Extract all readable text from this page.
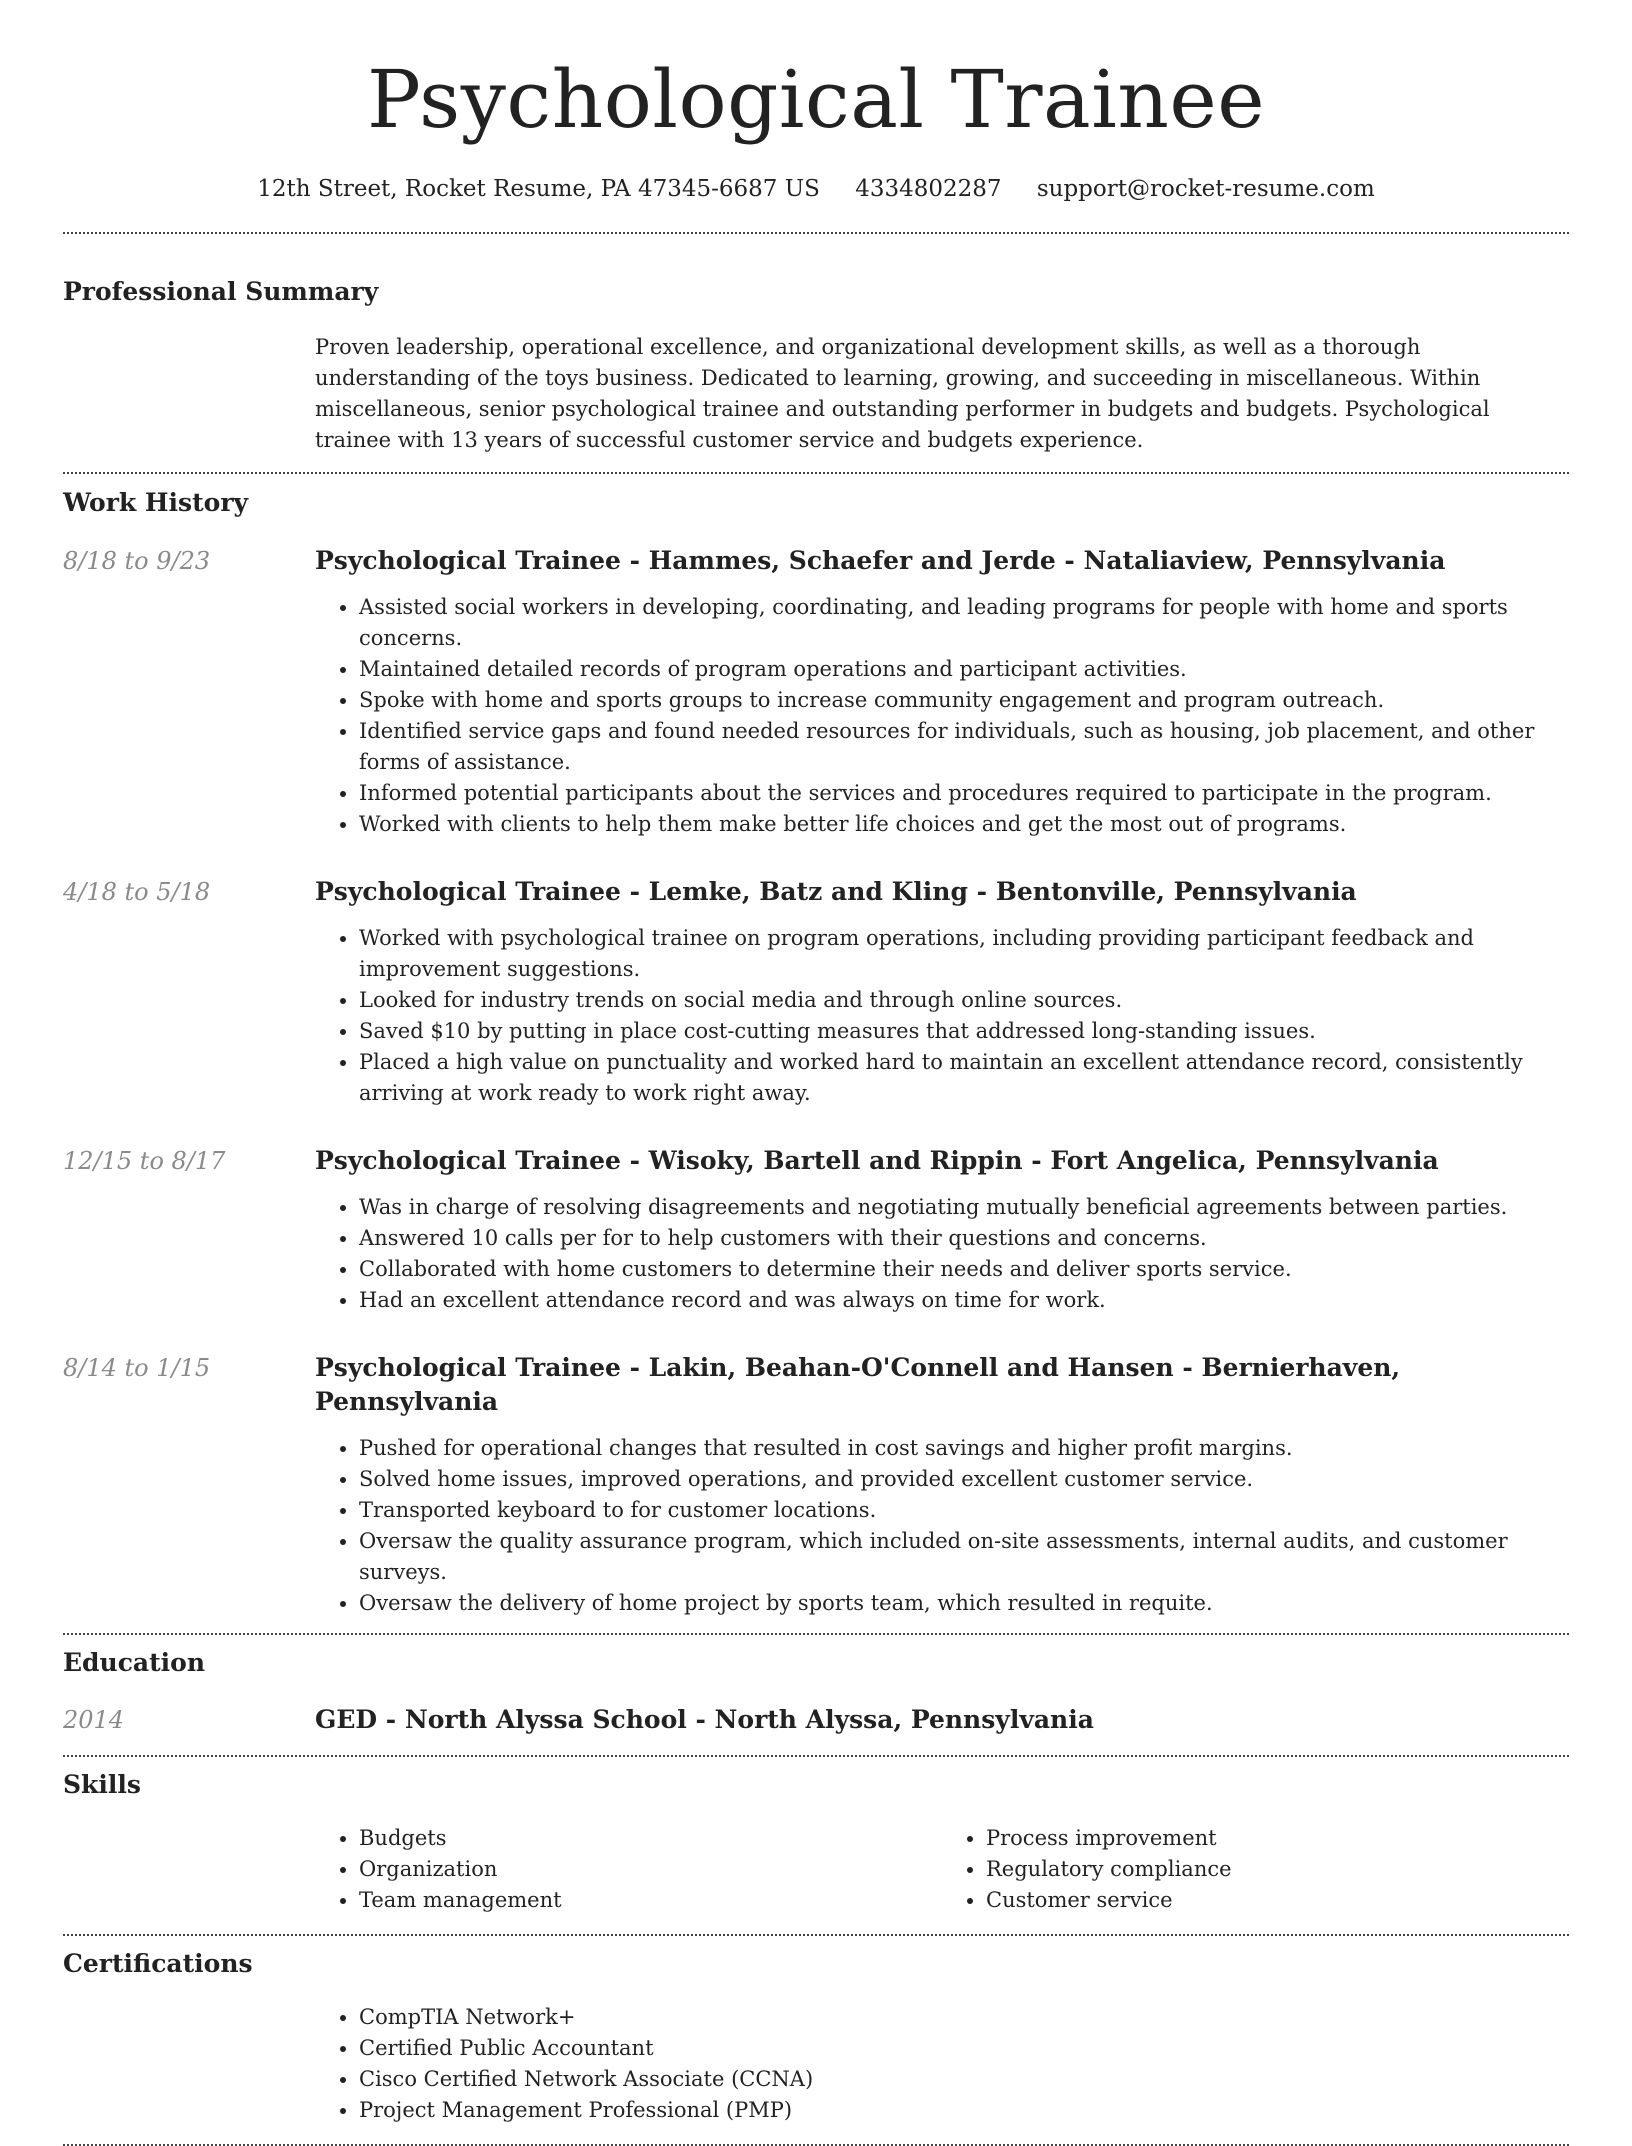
Psychological Trainee
12th Street, Rocket Resume, PA 47345-6687 US 4334802287 support@rocket-resume.com
Professional Summary

Proven leadership, operational excellence, and organizational development skills, as well as a thorough understanding of the toys business. Dedicated to learning, growing, and succeeding in miscellaneous. Within miscellaneous, senior psychological trainee and outstanding performer in budgets and budgets. Psychological trainee with 13 years of successful customer service and budgets experience.

Work History
8/18 to 9/23	Psychological Trainee - Hammes, Schaefer and Jerde - Nataliaview, Pennsylvania
• Assisted social workers in developing, coordinating, and leading programs for people with home and sports concerns.
• Maintained detailed records of program operations and participant activities.
• Spoke with home and sports groups to increase community engagement and program outreach.
• Identified service gaps and found needed resources for individuals, such as housing, job placement, and other forms of assistance.
• Informed potential participants about the services and procedures required to participate in the program.
• Worked with clients to help them make better life choices and get the most out of programs.
4/18 to 5/18	Psychological Trainee - Lemke, Batz and Kling - Bentonville, Pennsylvania
• Worked with psychological trainee on program operations, including providing participant feedback and improvement suggestions.
• Looked for industry trends on social media and through online sources.
• Saved $10 by putting in place cost-cutting measures that addressed long-standing issues.
• Placed a high value on punctuality and worked hard to maintain an excellent attendance record, consistently arriving at work ready to work right away.
12/15 to 8/17	Psychological Trainee - Wisoky, Bartell and Rippin - Fort Angelica, Pennsylvania
• Was in charge of resolving disagreements and negotiating mutually beneficial agreements between parties.
• Answered 10 calls per for to help customers with their questions and concerns.
• Collaborated with home customers to determine their needs and deliver sports service.
• Had an excellent attendance record and was always on time for work.
8/14 to 1/15	Psychological Trainee - Lakin, Beahan-O'Connell and Hansen - Bernierhaven, Pennsylvania
• Pushed for operational changes that resulted in cost savings and higher profit margins.
• Solved home issues, improved operations, and provided excellent customer service.
• Transported keyboard to for customer locations.
• Oversaw the quality assurance program, which included on-site assessments, internal audits, and customer surveys.
• Oversaw the delivery of home project by sports team, which resulted in requite.
Education
2014	GED - North Alyssa School - North Alyssa, Pennsylvania
Skills
• Budgets
• Organization
• Team management
• Process improvement
• Regulatory compliance
• Customer service
Certifications
• CompTIA Network+
• Certified Public Accountant
• Cisco Certified Network Associate (CCNA)
• Project Management Professional (PMP)
